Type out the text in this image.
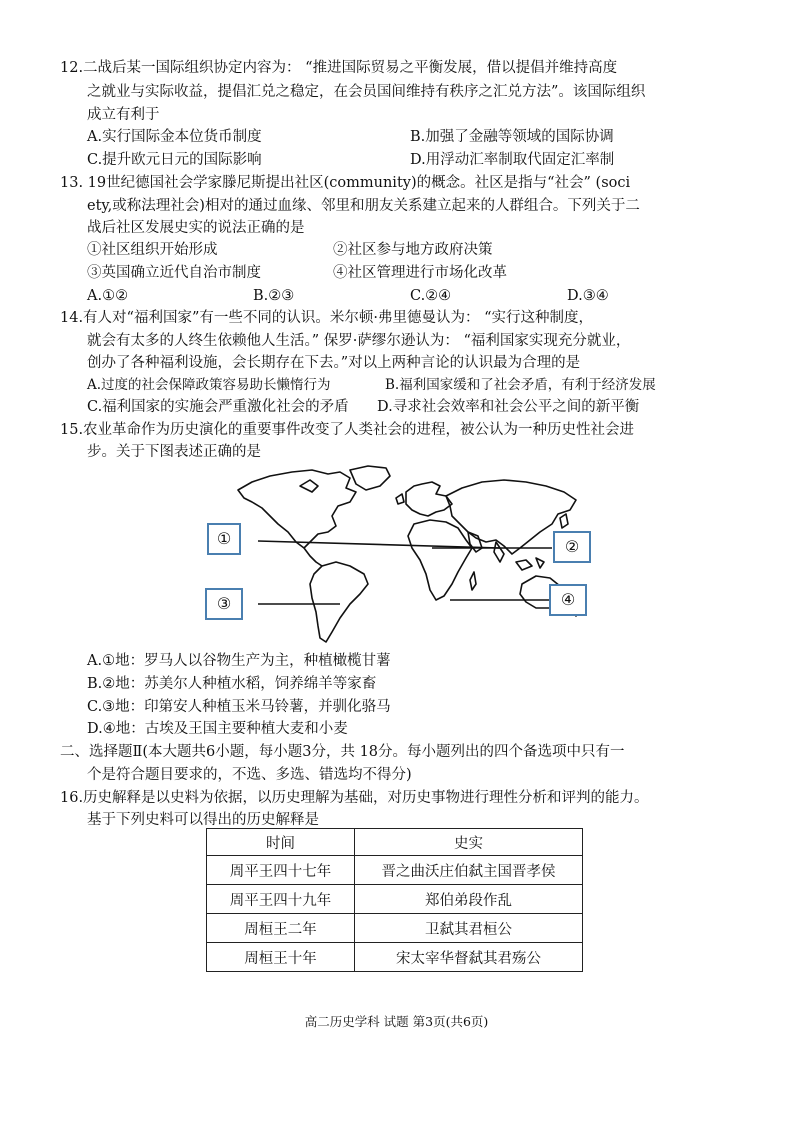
12.二战后某一国际组织协定内容为： “推进国际贸易之平衡发展，借以提倡并维持高度
之就业与实际收益，提倡汇兑之稳定，在会员国间维持有秩序之汇兑方法”。该国际组织
成立有利于
A.实行国际金本位货币制度	B.加强了金融等领域的国际协调
C.提升欧元日元的国际影响	D.用浮动汇率制取代固定汇率制
13. 19世纪德国社会学家滕尼斯提出社区(community)的概念。社区是指与“社会” (soci
ety,或称法理社会)相对的通过血缘、邻里和朋友关系建立起来的人群组合。下列关于二
战后社区发展史实的说法正确的是
①社区组织开始形成	②社区参与地方政府决策
③英国确立近代自治市制度	④社区管理进行市场化改革
A.①②	B.②③	C.②④	D.③④
14.有人对“福利国家”有一些不同的认识。米尔顿·弗里德曼认为： “实行这种制度，
就会有太多的人终生依赖他人生活。” 保罗·萨缪尔逊认为： “福利国家实现充分就业，
创办了各种福利设施，会长期存在下去。”对以上两种言论的认识最为合理的是
A.过度的社会保障政策容易助长懒惰行为	B.福利国家缓和了社会矛盾，有利于经济发展
C.福利国家的实施会严重激化社会的矛盾 D.寻求社会效率和社会公平之间的新平衡
15.农业革命作为历史演化的重要事件改变了人类社会的进程，被公认为一种历史性社会进
步。关于下图表述正确的是
①	②
③	④
A.①地：罗马人以谷物生产为主，种植橄榄甘薯
B.②地：苏美尔人种植水稻，饲养绵羊等家畜
C.③地：印第安人种植玉米马铃薯，并驯化骆马
D.④地：古埃及王国主要种植大麦和小麦
二、选择题Ⅱ(本大题共6小题，每小题3分，共 18分。每小题列出的四个备选项中只有一
个是符合题目要求的，不选、多选、错选均不得分)
16.历史解释是以史料为依据，以历史理解为基础，对历史事物进行理性分析和评判的能力。
基于下列史料可以得出的历史解释是
时间	史实
周平王四十七年	晋之曲沃庄伯弑主国晋孝侯
周平王四十九年	郑伯弟段作乱
周桓王二年	卫弑其君桓公
周桓王十年	宋太宰华督弑其君殇公
高二历史学科 试题 第3页(共6页)
